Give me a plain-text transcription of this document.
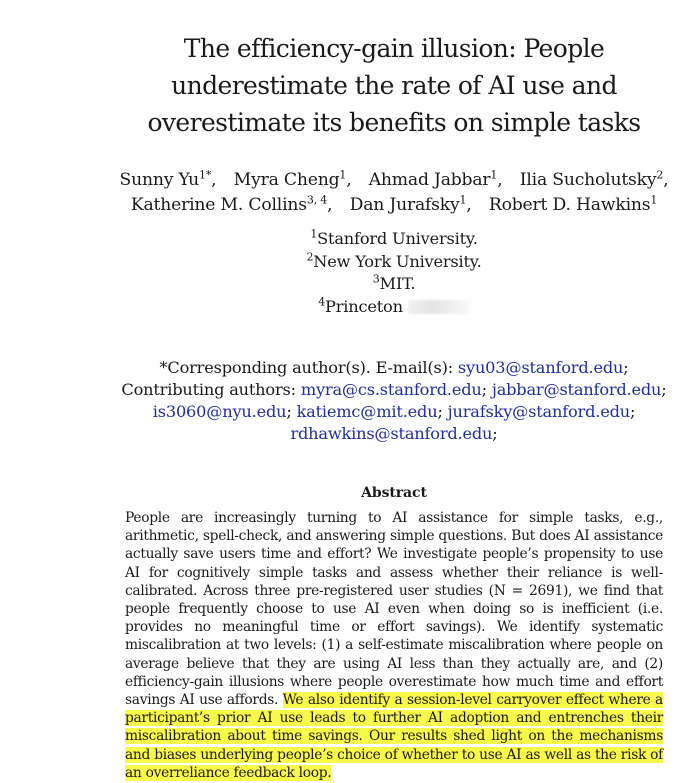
The efficiency-gain illusion: People underestimate the rate of AI use and overestimate its benefits on simple tasks
Sunny $Yu^{1*}$, Myra Cheng$^1$, Ahmad Jabbar$^1$, Ilia Sucholutsky$^2$,
Katherine M. Collins$^{3, 4}$, Dan Jurafsky$^1$, Robert D. Hawkins$^1$
$^1$Stanford University.
$^2$New York University.
$^3$MIT.
$^4$Princeton
*Corresponding author(s). E-mail(s): syu03@stanford.edu;
Contributing authors: myra@cs.stanford.edu; jabbar@stanford.edu;
is3060@nyu.edu; katiemc@mit.edu; jurafsky@stanford.edu;
rdhawkins@stanford.edu;
Abstract

People are increasingly turning to AI assistance for simple tasks, e.g., arithmetic, spell-check, and answering simple questions. But does AI assistance actually save users time and effort? We investigate people’s propensity to use AI for cognitively simple tasks and assess whether their reliance is well-calibrated. Across three pre-registered user studies (N = 2691), we find that people frequently choose to use AI even when doing so is inefficient (i.e. provides no meaningful time or effort savings). We identify systematic miscalibration at two levels: (1) a self-estimate miscalibration where people on average believe that they are using AI less than they actually are, and (2) efficiency-gain illusions where people overestimate how much time and effort savings AI use affords. We also identify a session-level carryover effect where a participant’s prior AI use leads to further AI adoption and entrenches their miscalibration about time savings. Our results shed light on the mechanisms and biases underlying people’s choice of whether to use AI as well as the risk of an overreliance feedback loop.
